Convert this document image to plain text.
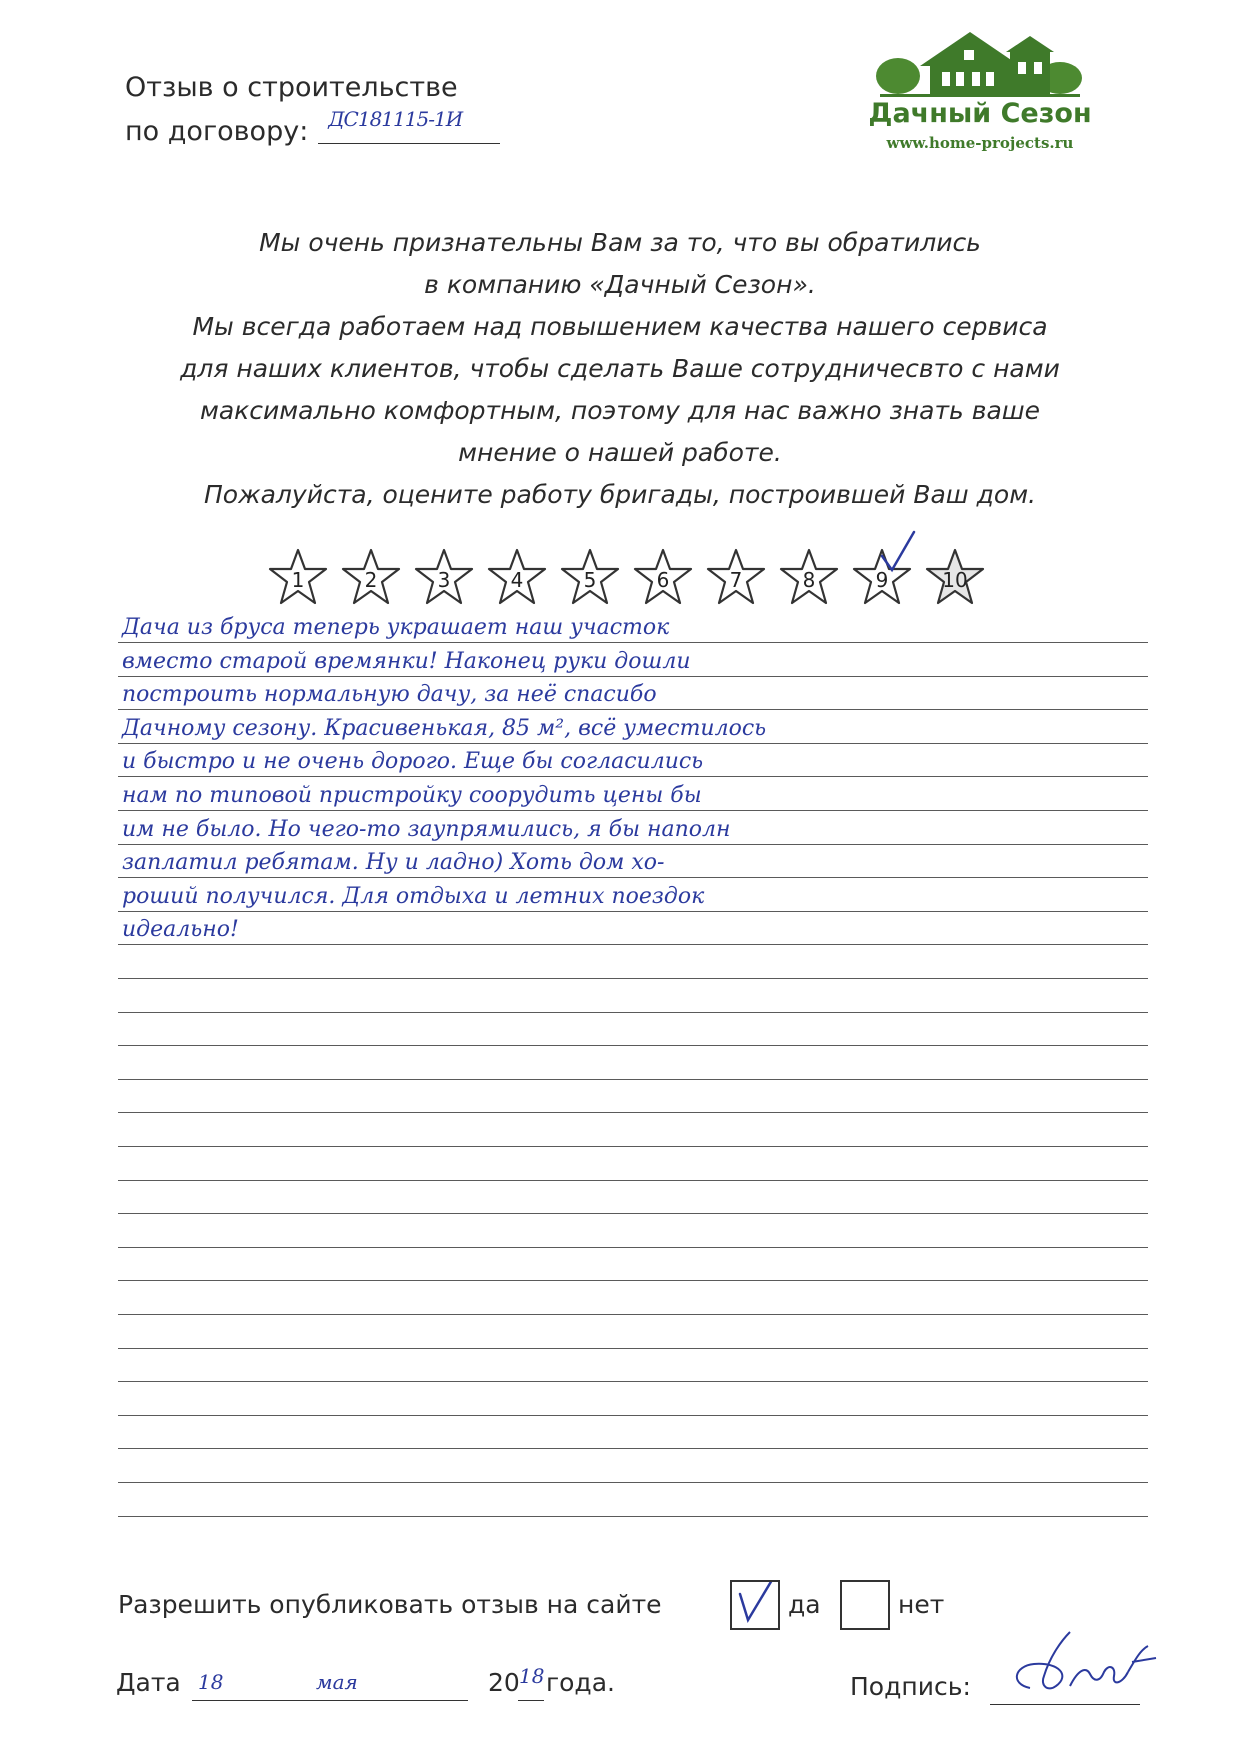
Отзыв о строительстве
по договору: ДС181115-1И	Дачный Сезон
www.home-projects.ru
Мы очень признательны Вам за то, что вы обратились
в компанию «Дачный Сезон».
Мы всегда работаем над повышением качества нашего сервиса
для наших клиентов, чтобы сделать Ваше сотрудничесвто с нами
максимально комфортным, поэтому для нас важно знать ваше
мнение о нашей работе.
Пожалуйста, оцените работу бригады, построившей Ваш дом.
1	2	3	4	5	6	7	8	9	10
Дача из бруса теперь украшает наш участок
вместо старой времянки! Наконец руки дошли
построить нормальную дачу, за неё спасибо
Дачному сезону. Красивенькая, 85 м², всё уместилось
и быстро и не очень дорого. Еще бы согласились
нам по типовой пристройку соорудить цены бы
им не было. Но чего-то заупрямились, я бы наполн
заплатил ребятам. Ну и ладно) Хоть дом хо-
роший получился. Для отдыха и летних поездок
идеально!
Разрешить опубликовать отзыв на сайте	да	нет
Дата 18	мая	20 18 года.	Подпись:
